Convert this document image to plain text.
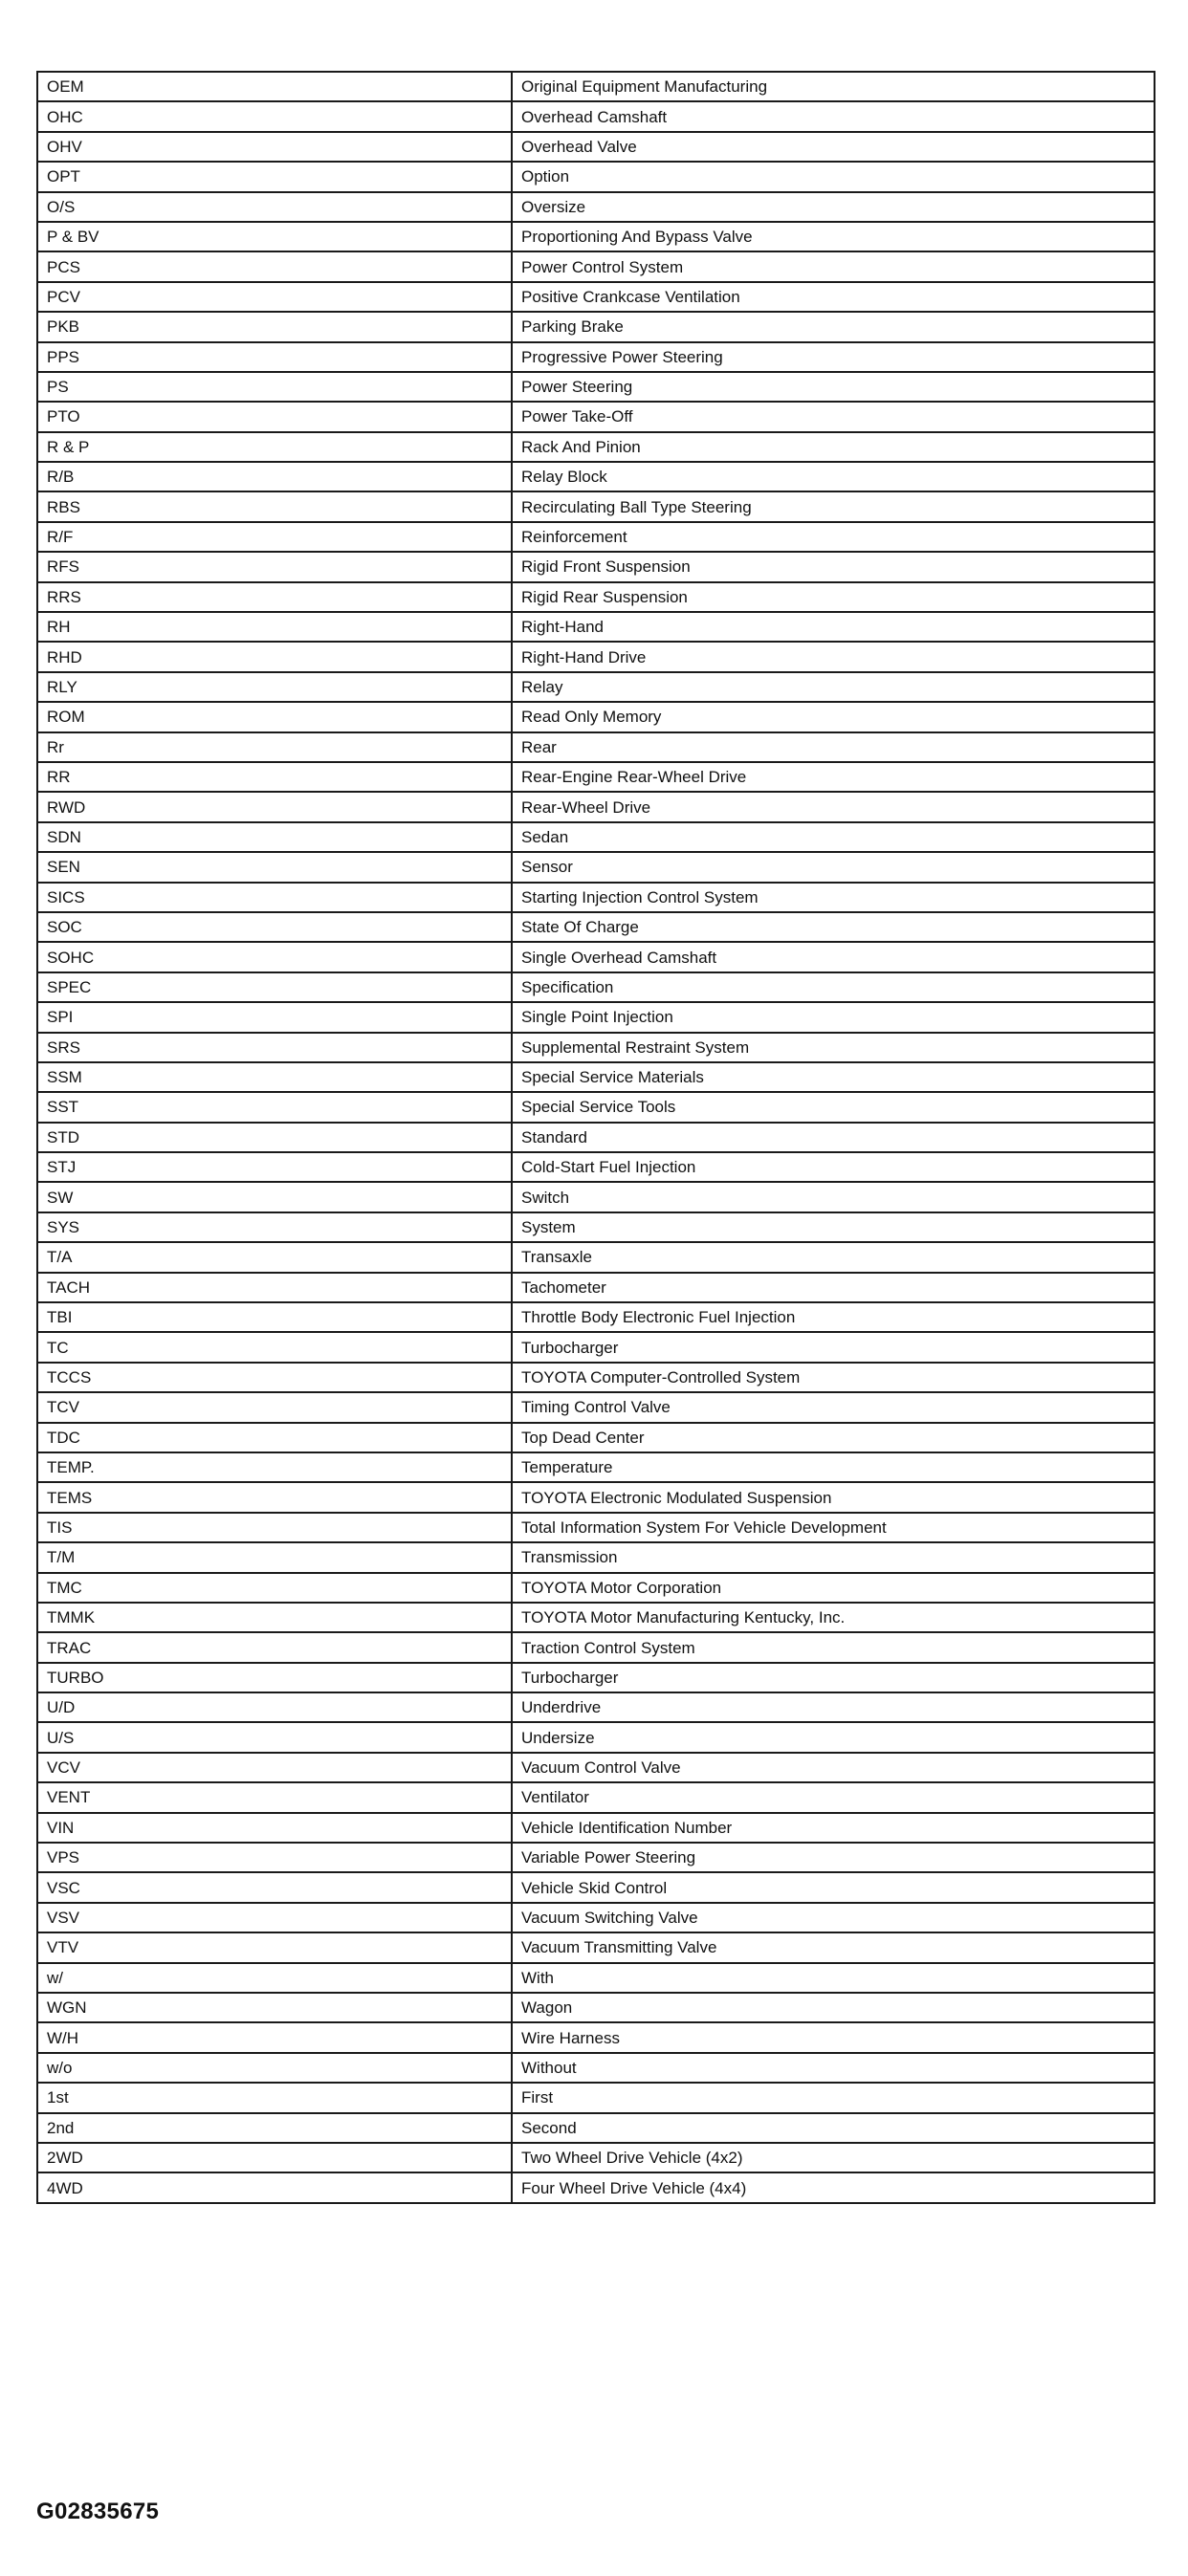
OEM	Original Equipment Manufacturing
OHC	Overhead Camshaft
OHV	Overhead Valve
OPT	Option
O/S	Oversize
P & BV	Proportioning And Bypass Valve
PCS	Power Control System
PCV	Positive Crankcase Ventilation
PKB	Parking Brake
PPS	Progressive Power Steering
PS	Power Steering
PTO	Power Take-Off
R & P	Rack And Pinion
R/B	Relay Block
RBS	Recirculating Ball Type Steering
R/F	Reinforcement
RFS	Rigid Front Suspension
RRS	Rigid Rear Suspension
RH	Right-Hand
RHD	Right-Hand Drive
RLY	Relay
ROM	Read Only Memory
Rr	Rear
RR	Rear-Engine Rear-Wheel Drive
RWD	Rear-Wheel Drive
SDN	Sedan
SEN	Sensor
SICS	Starting Injection Control System
SOC	State Of Charge
SOHC	Single Overhead Camshaft
SPEC	Specification
SPI	Single Point Injection
SRS	Supplemental Restraint System
SSM	Special Service Materials
SST	Special Service Tools
STD	Standard
STJ	Cold-Start Fuel Injection
SW	Switch
SYS	System
T/A	Transaxle
TACH	Tachometer
TBI	Throttle Body Electronic Fuel Injection
TC	Turbocharger
TCCS	TOYOTA Computer-Controlled System
TCV	Timing Control Valve
TDC	Top Dead Center
TEMP.	Temperature
TEMS	TOYOTA Electronic Modulated Suspension
TIS	Total Information System For Vehicle Development
T/M	Transmission
TMC	TOYOTA Motor Corporation
TMMK	TOYOTA Motor Manufacturing Kentucky, Inc.
TRAC	Traction Control System
TURBO	Turbocharger
U/D	Underdrive
U/S	Undersize
VCV	Vacuum Control Valve
VENT	Ventilator
VIN	Vehicle Identification Number
VPS	Variable Power Steering
VSC	Vehicle Skid Control
VSV	Vacuum Switching Valve
VTV	Vacuum Transmitting Valve
w/	With
WGN	Wagon
W/H	Wire Harness
w/o	Without
1st	First
2nd	Second
2WD	Two Wheel Drive Vehicle (4x2)
4WD	Four Wheel Drive Vehicle (4x4)
G02835675
